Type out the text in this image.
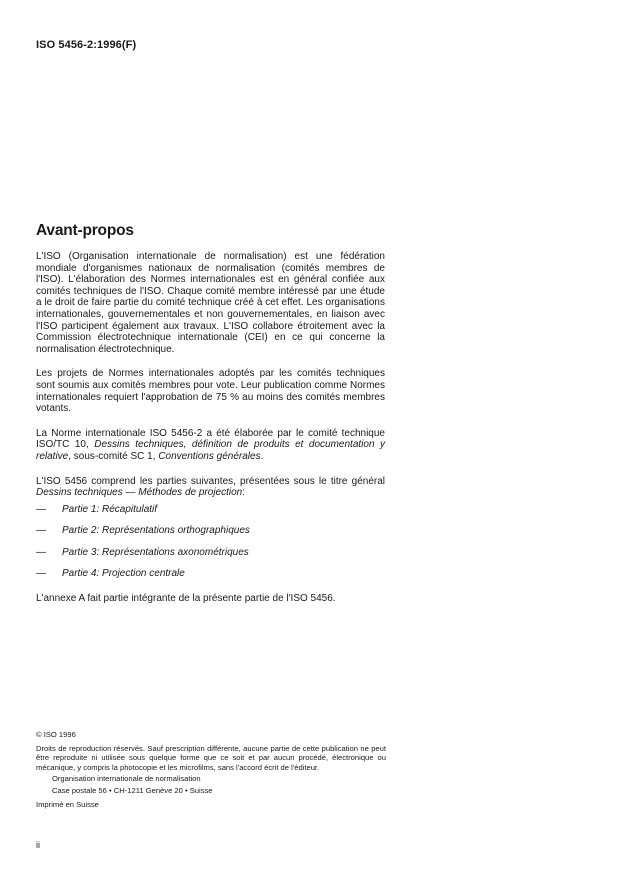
ISO 5456-2:1996(F)
Avant-propos

L'ISO (Organisation internationale de normalisation) est une fédération mondiale d'organismes nationaux de normalisation (comités membres de l'ISO). L'élaboration des Normes internationales est en général confiée aux comités techniques de l'ISO. Chaque comité membre intéressé par une étude a le droit de faire partie du comité technique créé à cet effet. Les organisations internationales, gouvernementales et non gouvernementales, en liaison avec l'ISO participent également aux travaux. L'ISO collabore étroitement avec la Commission électrotechnique internationale (CEI) en ce qui concerne la normalisation électrotechnique.

Les projets de Normes internationales adoptés par les comités techniques sont soumis aux comités membres pour vote. Leur publication comme Normes internationales requiert l'approbation de 75 % au moins des comités membres votants.

La Norme internationale ISO 5456-2 a été élaborée par le comité technique ISO/TC 10, Dessins techniques, définition de produits et documentation y relative, sous-comité SC 1, Conventions générales.

L'ISO 5456 comprend les parties suivantes, présentées sous le titre général Dessins techniques — Méthodes de projection:

— Partie 1: Récapitulatif
— Partie 2: Représentations orthographiques
— Partie 3: Représentations axonométriques
— Partie 4: Projection centrale

L'annexe A fait partie intégrante de la présente partie de l'ISO 5456.

© ISO 1996
Droits de reproduction réservés. Sauf prescription différente, aucune partie de cette publication ne peut être reproduite ni utilisée sous quelque forme que ce soit et par aucun procédé, électronique ou mécanique, y compris la photocopie et les microfilms, sans l'accord écrit de l'éditeur.
Organisation internationale de normalisation
Case postale 56 • CH-1211 Genève 20 • Suisse
Imprimé en Suisse
ii
